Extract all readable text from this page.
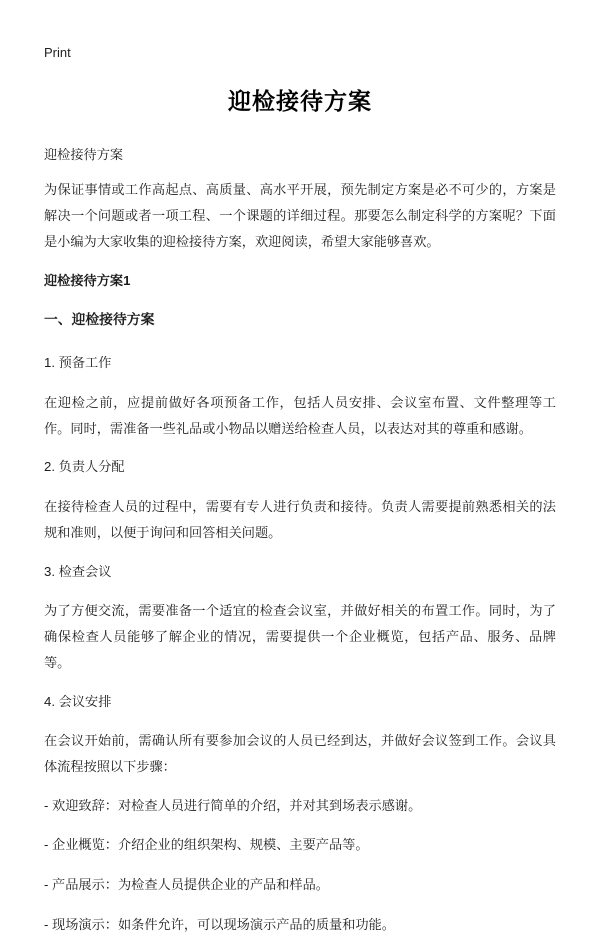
Print
迎检接待方案

迎检接待方案

为保证事情或工作高起点、高质量、高水平开展，预先制定方案是必不可少的，方案是解决一个问题或者一项工程、一个课题的详细过程。那要怎么制定科学的方案呢？下面是小编为大家收集的迎检接待方案，欢迎阅读，希望大家能够喜欢。

迎检接待方案1

一、迎检接待方案

1. 预备工作

在迎检之前，应提前做好各项预备工作，包括人员安排、会议室布置、文件整理等工作。同时，需准备一些礼品或小物品以赠送给检查人员，以表达对其的尊重和感谢。

2. 负责人分配

在接待检查人员的过程中，需要有专人进行负责和接待。负责人需要提前熟悉相关的法规和准则，以便于询问和回答相关问题。

3. 检查会议

为了方便交流，需要准备一个适宜的检查会议室，并做好相关的布置工作。同时，为了确保检查人员能够了解企业的情况，需要提供一个企业概览，包括产品、服务、品牌等。

4. 会议安排

在会议开始前，需确认所有要参加会议的人员已经到达，并做好会议签到工作。会议具体流程按照以下步骤：

- 欢迎致辞：对检查人员进行简单的介绍，并对其到场表示感谢。

- 企业概览：介绍企业的组织架构、规模、主要产品等。

- 产品展示：为检查人员提供企业的产品和样品。

- 现场演示：如条件允许，可以现场演示产品的质量和功能。
